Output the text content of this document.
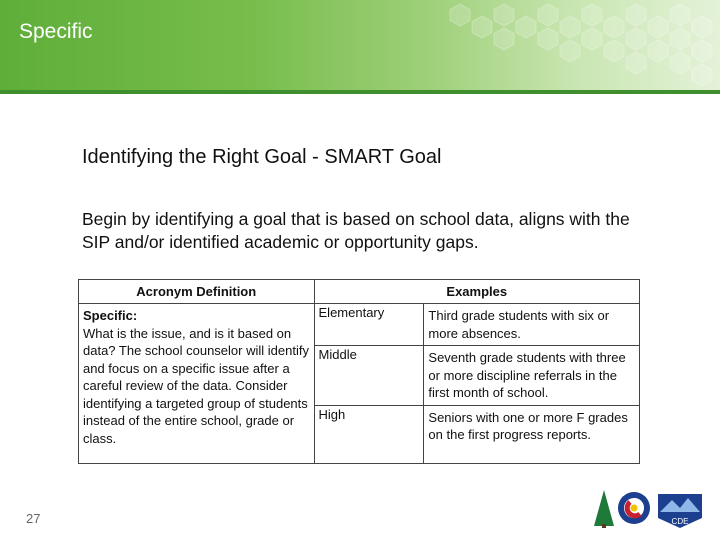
Specific
Identifying the Right Goal - SMART Goal
Begin by identifying a goal that is based on school data, aligns with the SIP and/or identified academic or opportunity gaps.
Acronym Definition	Examples	

Specific:
What is the issue, and is it based on data? The school counselor will identify and focus on a specific issue after a careful review of the data. Consider identifying a targeted group of students instead of the entire school, grade or class.	Elementary	Third grade students with six or more absences.
	Middle	Seventh grade students with three or more discipline referrals in the first month of school.
	High	Seniors with one or more F grades on the first progress reports.
27	CDE
